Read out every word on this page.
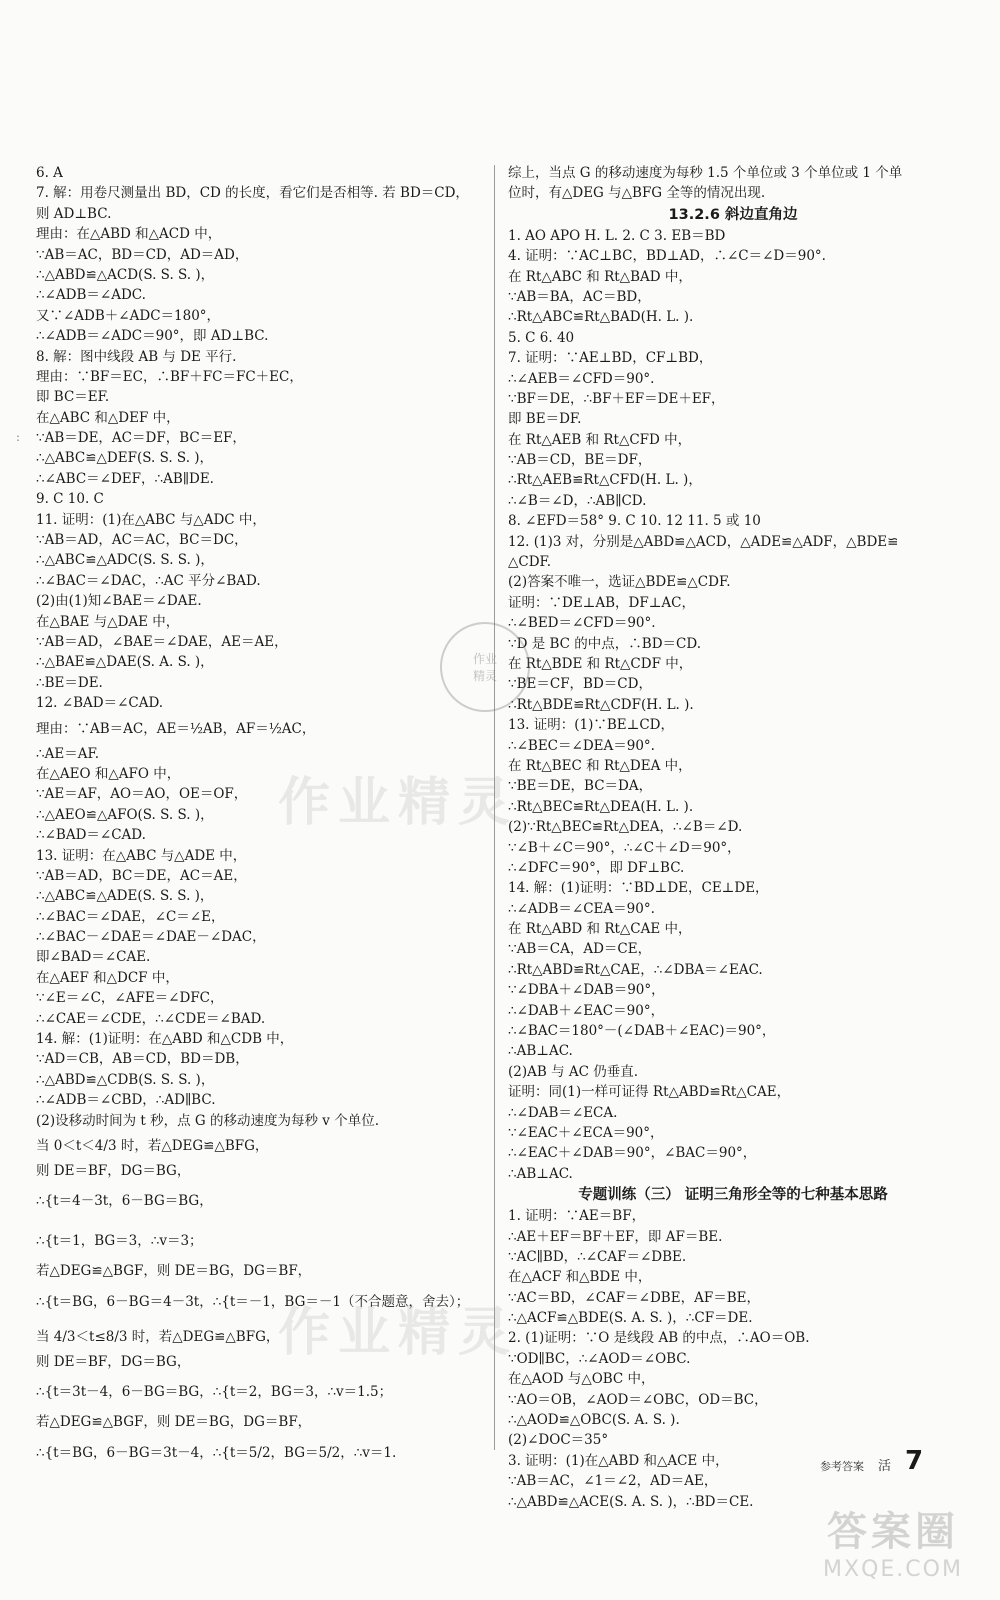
:
6. A
7. 解：用卷尺测量出 BD，CD 的长度，看它们是否相等. 若 BD＝CD，
则 AD⊥BC.
理由：在△ABD 和△ACD 中，
∵AB＝AC，BD＝CD，AD＝AD，
∴△ABD≌△ACD(S. S. S. )，
∴∠ADB＝∠ADC.
又∵∠ADB＋∠ADC＝180°，
∴∠ADB＝∠ADC＝90°，即 AD⊥BC.
8. 解：图中线段 AB 与 DE 平行.
理由：∵BF＝EC，∴BF＋FC＝FC＋EC，
即 BC＝EF.
在△ABC 和△DEF 中，
∵AB＝DE，AC＝DF，BC＝EF，
∴△ABC≌△DEF(S. S. S. )，
∴∠ABC＝∠DEF，∴AB∥DE.
9. C 10. C
11. 证明：(1)在△ABC 与△ADC 中，
∵AB＝AD，AC＝AC，BC＝DC，
∴△ABC≌△ADC(S. S. S. )，
∴∠BAC＝∠DAC，∴AC 平分∠BAD.
(2)由(1)知∠BAE＝∠DAE.
在△BAE 与△DAE 中，
∵AB＝AD，∠BAE＝∠DAE，AE＝AE，
∴△BAE≌△DAE(S. A. S. )，
∴BE＝DE.
12. ∠BAD＝∠CAD.
理由：∵AB＝AC，AE＝½AB，AF＝½AC，
∴AE＝AF.
在△AEO 和△AFO 中，
∵AE＝AF，AO＝AO，OE＝OF，
∴△AEO≌△AFO(S. S. S. )，
∴∠BAD＝∠CAD.
13. 证明：在△ABC 与△ADE 中，
∵AB＝AD，BC＝DE，AC＝AE，
∴△ABC≌△ADE(S. S. S. )，
∴∠BAC＝∠DAE，∠C＝∠E，
∴∠BAC－∠DAE＝∠DAE－∠DAC，
即∠BAD＝∠CAE.
在△AEF 和△DCF 中，
∵∠E＝∠C，∠AFE＝∠DFC，
∴∠CAE＝∠CDE，∴∠CDE＝∠BAD.
14. 解：(1)证明：在△ABD 和△CDB 中，
∵AD＝CB，AB＝CD，BD＝DB，
∴△ABD≌△CDB(S. S. S. )，
∴∠ADB＝∠CBD，∴AD∥BC.
(2)设移动时间为 t 秒，点 G 的移动速度为每秒 v 个单位.
当 0＜t＜4/3 时，若△DEG≌△BFG，
则 DE＝BF，DG＝BG，
∴{t＝4－3t，6－BG＝BG，
∴{t＝1，BG＝3，∴v＝3；
若△DEG≌△BGF，则 DE＝BG，DG＝BF，
∴{t＝BG，6－BG＝4－3t，∴{t＝－1，BG＝－1（不合题意，舍去）；
当 4/3＜t≤8/3 时，若△DEG≌△BFG，
则 DE＝BF，DG＝BG，
∴{t＝3t－4，6－BG＝BG，∴{t＝2，BG＝3，∴v＝1.5；
若△DEG≌△BGF，则 DE＝BG，DG＝BF，
∴{t＝BG，6－BG＝3t－4，∴{t＝5/2，BG＝5/2，∴v＝1.
综上，当点 G 的移动速度为每秒 1.5 个单位或 3 个单位或 1 个单
位时，有△DEG 与△BFG 全等的情况出现.
13.2.6 斜边直角边
1. AO APO H. L. 2. C 3. EB＝BD
4. 证明：∵AC⊥BC，BD⊥AD，∴∠C＝∠D＝90°.
在 Rt△ABC 和 Rt△BAD 中，
∵AB＝BA，AC＝BD，
∴Rt△ABC≌Rt△BAD(H. L. ).
5. C 6. 40
7. 证明：∵AE⊥BD，CF⊥BD，
∴∠AEB＝∠CFD＝90°.
∵BF＝DE，∴BF＋EF＝DE＋EF，
即 BE＝DF.
在 Rt△AEB 和 Rt△CFD 中，
∵AB＝CD，BE＝DF，
∴Rt△AEB≌Rt△CFD(H. L. )，
∴∠B＝∠D，∴AB∥CD.
8. ∠EFD＝58° 9. C 10. 12 11. 5 或 10
12. (1)3 对，分别是△ABD≌△ACD，△ADE≌△ADF，△BDE≌
△CDF.
(2)答案不唯一，选证△BDE≌△CDF.
证明：∵DE⊥AB，DF⊥AC，
∴∠BED＝∠CFD＝90°.
∵D 是 BC 的中点，∴BD＝CD.
在 Rt△BDE 和 Rt△CDF 中，
∵BE＝CF，BD＝CD，
∴Rt△BDE≌Rt△CDF(H. L. ).
13. 证明：(1)∵BE⊥CD，
∴∠BEC＝∠DEA＝90°.
在 Rt△BEC 和 Rt△DEA 中，
∵BE＝DE，BC＝DA，
∴Rt△BEC≌Rt△DEA(H. L. ).
(2)∵Rt△BEC≌Rt△DEA，∴∠B＝∠D.
∵∠B＋∠C＝90°，∴∠C＋∠D＝90°，
∴∠DFC＝90°，即 DF⊥BC.
14. 解：(1)证明：∵BD⊥DE，CE⊥DE，
∴∠ADB＝∠CEA＝90°.
在 Rt△ABD 和 Rt△CAE 中，
∵AB＝CA，AD＝CE，
∴Rt△ABD≌Rt△CAE，∴∠DBA＝∠EAC.
∵∠DBA＋∠DAB＝90°，
∴∠DAB＋∠EAC＝90°，
∴∠BAC＝180°－(∠DAB＋∠EAC)＝90°，
∴AB⊥AC.
(2)AB 与 AC 仍垂直.
证明：同(1)一样可证得 Rt△ABD≌Rt△CAE，
∴∠DAB＝∠ECA.
∵∠EAC＋∠ECA＝90°，
∴∠EAC＋∠DAB＝90°，∠BAC＝90°，
∴AB⊥AC.
专题训练（三） 证明三角形全等的七种基本思路
1. 证明：∵AE＝BF，
∴AE＋EF＝BF＋EF，即 AF＝BE.
∵AC∥BD，∴∠CAF＝∠DBE.
在△ACF 和△BDE 中，
∵AC＝BD，∠CAF＝∠DBE，AF＝BE，
∴△ACF≌△BDE(S. A. S. )，∴CF＝DE.
2. (1)证明：∵O 是线段 AB 的中点，∴AO＝OB.
∵OD∥BC，∴∠AOD＝∠OBC.
在△AOD 与△OBC 中，
∵AO＝OB，∠AOD＝∠OBC，OD＝BC，
∴△AOD≌△OBC(S. A. S. ).
(2)∠DOC＝35°
3. 证明：(1)在△ABD 和△ACE 中，
∵AB＝AC，∠1＝∠2，AD＝AE，
∴△ABD≌△ACE(S. A. S. )，∴BD＝CE.
作业精灵
作业精灵
作业
精灵
参考答案 活 7
答案圈
MXQE.COM
